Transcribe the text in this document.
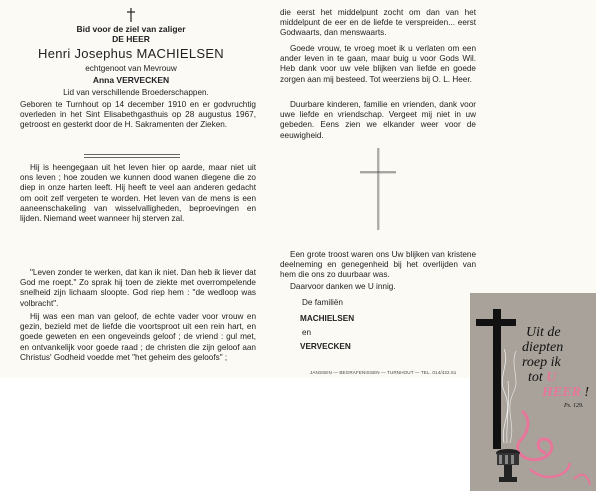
Bid voor de ziel van zaliger
DE HEER
Henri Josephus MACHIELSEN
echtgenoot van Mevrouw
Anna VERVECKEN
Lid van verschillende Broederschappen.
Geboren te Turnhout op 14 december 1910 en er godvruchtig overleden in het Sint Elisabethgasthuis op 28 augustus 1967, getroost en gesterkt door de H. Sakramenten der Zieken.
Hij is heengegaan uit het leven hier op aarde, maar niet uit ons leven ; hoe zouden we kunnen dood wanen diegene die zo diep in onze harten leeft. Hij heeft te veel aan anderen gedacht om ooit zelf vergeten te worden. Het leven van de mens is een aaneenschakeling van wisselvalligheden, beproevingen en lijden. Niemand weet wanneer hij sterven zal.
"Leven zonder te werken, dat kan ik niet. Dan heb ik liever dat God me roept." Zo sprak hij toen de ziekte met overrompelende snelheid zijn lichaam sloopte. God riep hem : "de wedloop was volbracht".
Hij was een man van geloof, de echte vader voor vrouw en gezin, bezield met de liefde die voortsproot uit een rein hart, en goede geweten en een ongeveinds geloof ; de vriend : gul met, en ontvankelijk voor goede raad ; de christen die zijn geloof aan Christus' Godheid voedde met "het geheim des geloofs" ;
die eerst het middelpunt zocht om dan van het middelpunt de eer en de liefde te verspreiden... eerst Godwaarts, dan menswaarts.
Goede vrouw, te vroeg moet ik u verlaten om een ander leven in te gaan, maar buig u voor Gods Wil. Heb dank voor uw vele blijken van liefde en goede zorgen aan mij besteed. Tot weerziens bij O. L. Heer.
Duurbare kinderen, familie en vrienden, dank voor uwe liefde en vriendschap. Vergeet mij niet in uw gebeden. Eens zien we elkander weer voor de eeuwigheid.
Een grote troost waren ons Uw blijken van kristene deelneming en genegenheid bij het overlijden van hem die ons zo duurbaar was.
Daarvoor danken we U innig.
De familiën
MACHIELSEN
en
VERVECKEN
JANSSEN — BEGRAFENISSEN — TURNHOUT — TEL. 014/422.51
Uit de
diepten
roep ik
tot U
HEER !
Ps. 129.
